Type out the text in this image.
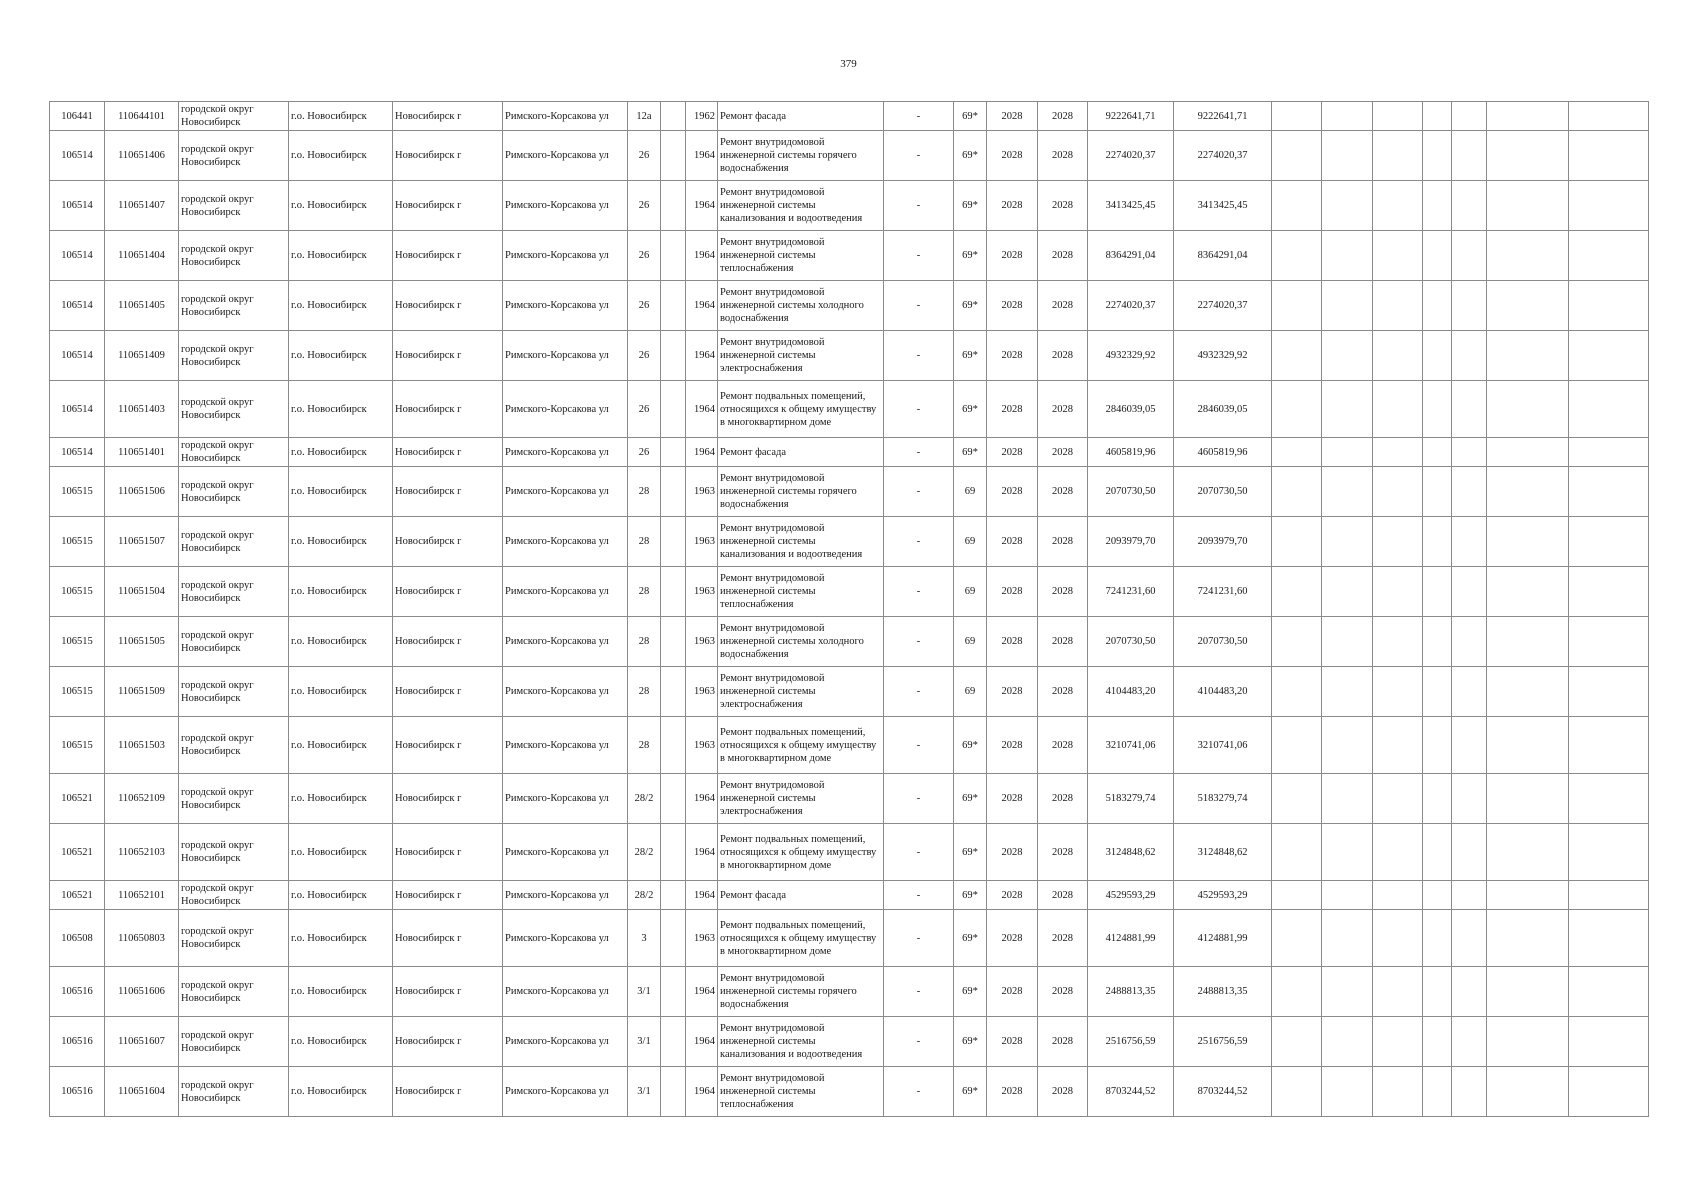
379
106441	110644101	городской округ Новосибирск	г.о. Новосибирск	Новосибирск г	Римского-Корсакова ул	12а		1962	Ремонт фасада	-	69*	2028	2028	9222641,71	9222641,71							
106514	110651406	городской округ Новосибирск	г.о. Новосибирск	Новосибирск г	Римского-Корсакова ул	26		1964	Ремонт внутридомовой инженерной системы горячего водоснабжения	-	69*	2028	2028	2274020,37	2274020,37							
106514	110651407	городской округ Новосибирск	г.о. Новосибирск	Новосибирск г	Римского-Корсакова ул	26		1964	Ремонт внутридомовой инженерной системы канализования и водоотведения	-	69*	2028	2028	3413425,45	3413425,45							
106514	110651404	городской округ Новосибирск	г.о. Новосибирск	Новосибирск г	Римского-Корсакова ул	26		1964	Ремонт внутридомовой инженерной системы теплоснабжения	-	69*	2028	2028	8364291,04	8364291,04							
106514	110651405	городской округ Новосибирск	г.о. Новосибирск	Новосибирск г	Римского-Корсакова ул	26		1964	Ремонт внутридомовой инженерной системы холодного водоснабжения	-	69*	2028	2028	2274020,37	2274020,37							
106514	110651409	городской округ Новосибирск	г.о. Новосибирск	Новосибирск г	Римского-Корсакова ул	26		1964	Ремонт внутридомовой инженерной системы электроснабжения	-	69*	2028	2028	4932329,92	4932329,92							
106514	110651403	городской округ Новосибирск	г.о. Новосибирск	Новосибирск г	Римского-Корсакова ул	26		1964	Ремонт подвальных помещений, относящихся к общему имуществу в многоквартирном доме	-	69*	2028	2028	2846039,05	2846039,05							
106514	110651401	городской округ Новосибирск	г.о. Новосибирск	Новосибирск г	Римского-Корсакова ул	26		1964	Ремонт фасада	-	69*	2028	2028	4605819,96	4605819,96							
106515	110651506	городской округ Новосибирск	г.о. Новосибирск	Новосибирск г	Римского-Корсакова ул	28		1963	Ремонт внутридомовой инженерной системы горячего водоснабжения	-	69	2028	2028	2070730,50	2070730,50							
106515	110651507	городской округ Новосибирск	г.о. Новосибирск	Новосибирск г	Римского-Корсакова ул	28		1963	Ремонт внутридомовой инженерной системы канализования и водоотведения	-	69	2028	2028	2093979,70	2093979,70							
106515	110651504	городской округ Новосибирск	г.о. Новосибирск	Новосибирск г	Римского-Корсакова ул	28		1963	Ремонт внутридомовой инженерной системы теплоснабжения	-	69	2028	2028	7241231,60	7241231,60							
106515	110651505	городской округ Новосибирск	г.о. Новосибирск	Новосибирск г	Римского-Корсакова ул	28		1963	Ремонт внутридомовой инженерной системы холодного водоснабжения	-	69	2028	2028	2070730,50	2070730,50							
106515	110651509	городской округ Новосибирск	г.о. Новосибирск	Новосибирск г	Римского-Корсакова ул	28		1963	Ремонт внутридомовой инженерной системы электроснабжения	-	69	2028	2028	4104483,20	4104483,20							
106515	110651503	городской округ Новосибирск	г.о. Новосибирск	Новосибирск г	Римского-Корсакова ул	28		1963	Ремонт подвальных помещений, относящихся к общему имуществу в многоквартирном доме	-	69*	2028	2028	3210741,06	3210741,06							
106521	110652109	городской округ Новосибирск	г.о. Новосибирск	Новосибирск г	Римского-Корсакова ул	28/2		1964	Ремонт внутридомовой инженерной системы электроснабжения	-	69*	2028	2028	5183279,74	5183279,74							
106521	110652103	городской округ Новосибирск	г.о. Новосибирск	Новосибирск г	Римского-Корсакова ул	28/2		1964	Ремонт подвальных помещений, относящихся к общему имуществу в многоквартирном доме	-	69*	2028	2028	3124848,62	3124848,62							
106521	110652101	городской округ Новосибирск	г.о. Новосибирск	Новосибирск г	Римского-Корсакова ул	28/2		1964	Ремонт фасада	-	69*	2028	2028	4529593,29	4529593,29							
106508	110650803	городской округ Новосибирск	г.о. Новосибирск	Новосибирск г	Римского-Корсакова ул	3		1963	Ремонт подвальных помещений, относящихся к общему имуществу в многоквартирном доме	-	69*	2028	2028	4124881,99	4124881,99							
106516	110651606	городской округ Новосибирск	г.о. Новосибирск	Новосибирск г	Римского-Корсакова ул	3/1		1964	Ремонт внутридомовой инженерной системы горячего водоснабжения	-	69*	2028	2028	2488813,35	2488813,35							
106516	110651607	городской округ Новосибирск	г.о. Новосибирск	Новосибирск г	Римского-Корсакова ул	3/1		1964	Ремонт внутридомовой инженерной системы канализования и водоотведения	-	69*	2028	2028	2516756,59	2516756,59							
106516	110651604	городской округ Новосибирск	г.о. Новосибирск	Новосибирск г	Римского-Корсакова ул	3/1		1964	Ремонт внутридомовой инженерной системы теплоснабжения	-	69*	2028	2028	8703244,52	8703244,52							
